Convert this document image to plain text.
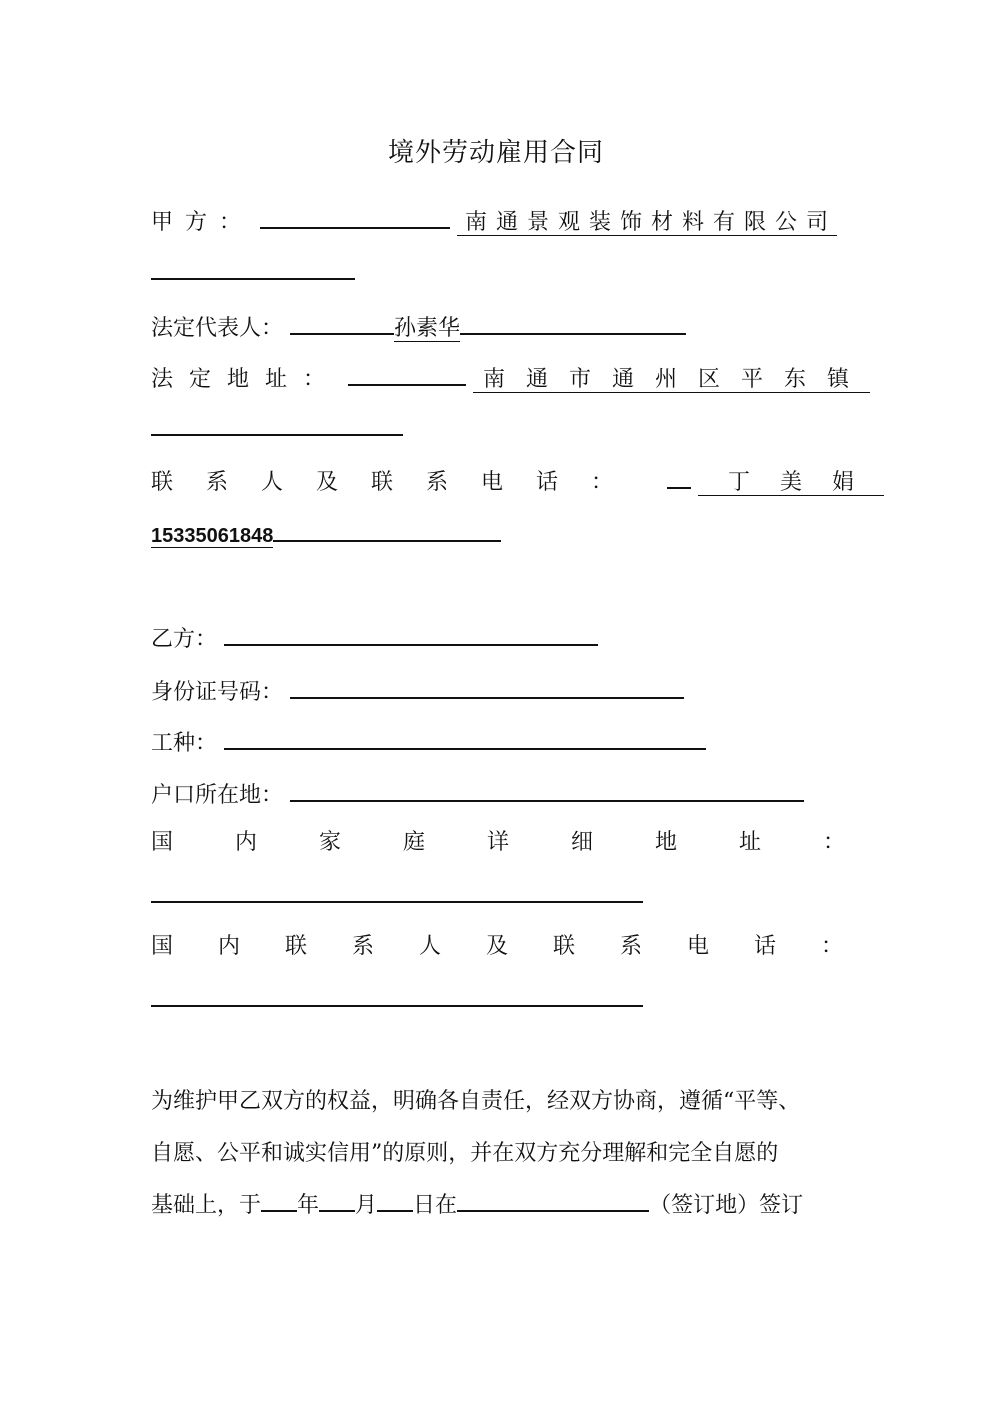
境外劳动雇用合同
甲方：	南通景观装饰材料有限公司
法定代表人：	孙素华
法定地址：	南通市通州区平东镇
联系人及联系电话：	丁美娟
15335061848
乙方：
身份证号码：
工种：
户口所在地：
国内家庭详细地址：
国内联系人及联系电话：
为维护甲乙双方的权益，明确各自责任，经双方协商，遵循“平等、
自愿、公平和诚实信用”的原则，并在双方充分理解和完全自愿的
基础上，于 年 月 日在	（签订地）签订
